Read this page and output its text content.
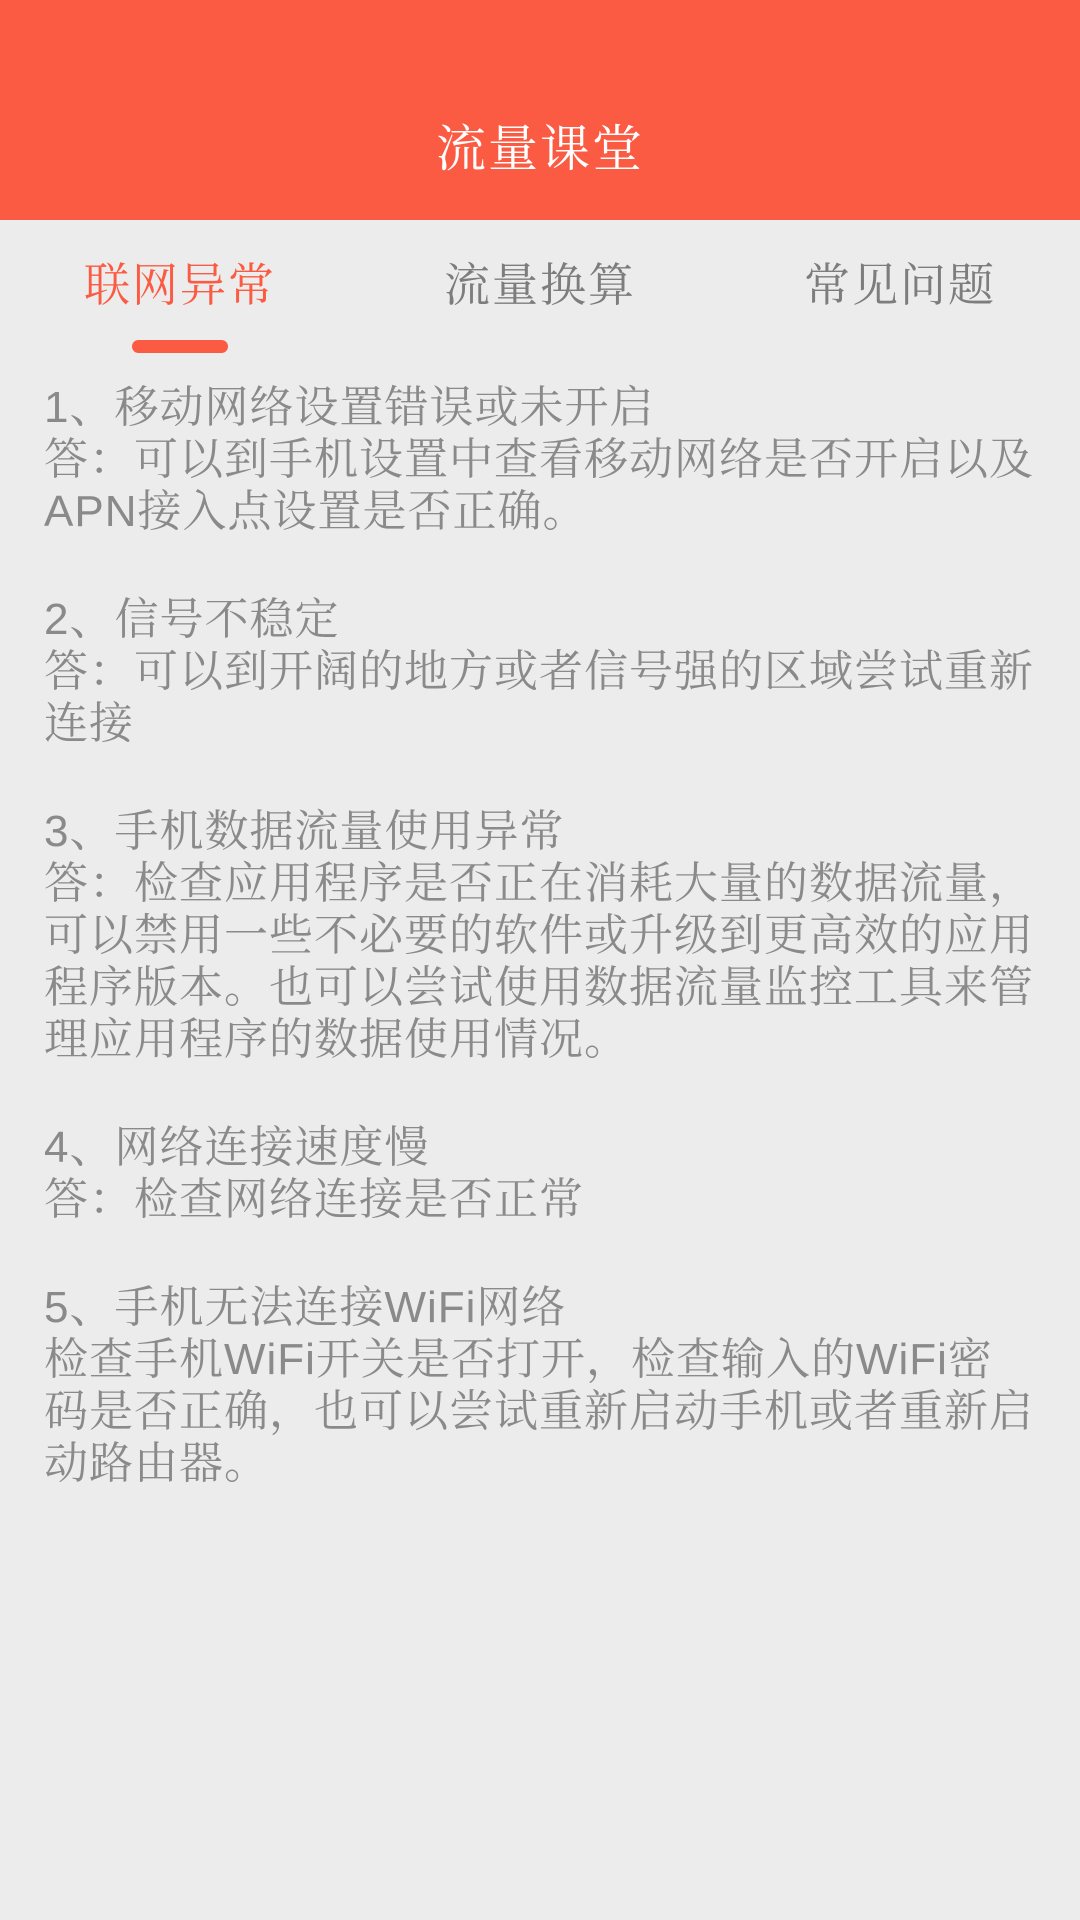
流量课堂
联网异常	流量换算	常见问题
1、移动网络设置错误或未开启
答：可以到手机设置中查看移动网络是否开启以及APN接入点设置是否正确。
2、信号不稳定
答：可以到开阔的地方或者信号强的区域尝试重新连接
3、手机数据流量使用异常
答：检查应用程序是否正在消耗大量的数据流量，可以禁用一些不必要的软件或升级到更高效的应用程序版本。也可以尝试使用数据流量监控工具来管理应用程序的数据使用情况。
4、网络连接速度慢
答：检查网络连接是否正常
5、手机无法连接WiFi网络
检查手机WiFi开关是否打开，检查输入的WiFi密码是否正确，也可以尝试重新启动手机或者重新启动路由器。
